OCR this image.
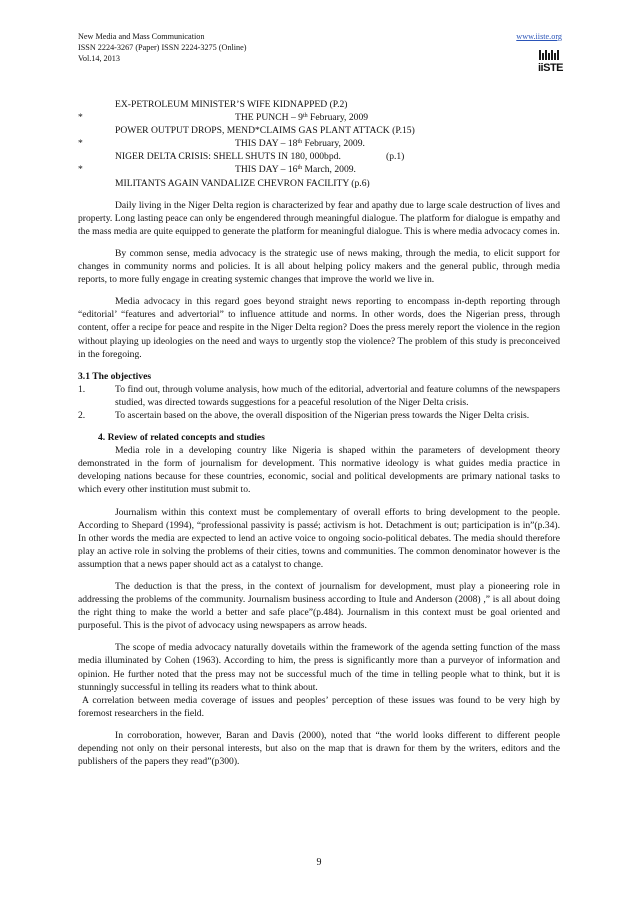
New Media and Mass Communication
ISSN 2224-3267 (Paper) ISSN 2224-3275 (Online)
Vol.14, 2013
www.iiste.org
iiSTE
EX-PETROLEUM MINISTER’S WIFE KIDNAPPED (P.2)
*	THE PUNCH – 9th February, 2009
POWER OUTPUT DROPS, MEND*CLAIMS GAS PLANT ATTACK (P.15)
*	THIS DAY – 18th February, 2009.
NIGER DELTA CRISIS: SHELL SHUTS IN 180, 000bpd.	(p.1)
*	THIS DAY – 16th March, 2009.
MILITANTS AGAIN VANDALIZE CHEVRON FACILITY (p.6)

Daily living in the Niger Delta region is characterized by fear and apathy due to large scale destruction of lives and property. Long lasting peace can only be engendered through meaningful dialogue. The platform for dialogue is empathy and the mass media are quite equipped to generate the platform for meaningful dialogue. This is where media advocacy comes in.

By common sense, media advocacy is the strategic use of news making, through the media, to elicit support for changes in community norms and policies. It is all about helping policy makers and the general public, through media reports, to more fully engage in creating systemic changes that improve the world we live in.

Media advocacy in this regard goes beyond straight news reporting to encompass in-depth reporting through “editorial’ “features and advertorial” to influence attitude and norms. In other words, does the Nigerian press, through content, offer a recipe for peace and respite in the Niger Delta region? Does the press merely report the violence in the region without playing up ideologies on the need and ways to urgently stop the violence? The problem of this study is preconceived in the foregoing.

3.1 The objectives
1.	To find out, through volume analysis, how much of the editorial, advertorial and feature columns of the newspapers studied, was directed towards suggestions for a peaceful resolution of the Niger Delta crisis.
2.	To ascertain based on the above, the overall disposition of the Nigerian press towards the Niger Delta crisis.
4. Review of related concepts and studies

Media role in a developing country like Nigeria is shaped within the parameters of development theory demonstrated in the form of journalism for development. This normative ideology is what guides media practice in developing nations because for these countries, economic, social and political developments are primary national tasks to which every other institution must submit to.

Journalism within this context must be complementary of overall efforts to bring development to the people. According to Shepard (1994), “professional passivity is passé; activism is hot. Detachment is out; participation is in”(p.34). In other words the media are expected to lend an active voice to ongoing socio-political debates. The media should therefore play an active role in solving the problems of their cities, towns and communities. The common denominator however is the assumption that a news paper should act as a catalyst to change.

The deduction is that the press, in the context of journalism for development, must play a pioneering role in addressing the problems of the community. Journalism business according to Itule and Anderson (2008) ,” is all about doing the right thing to make the world a better and safe place”(p.484). Journalism in this context must be goal oriented and purposeful. This is the pivot of advocacy using newspapers as arrow heads.

The scope of media advocacy naturally dovetails within the framework of the agenda setting function of the mass media illuminated by Cohen (1963). According to him, the press is significantly more than a purveyor of information and opinion. He further noted that the press may not be successful much of the time in telling people what to think, but it is stunningly successful in telling its readers what to think about.

A correlation between media coverage of issues and peoples’ perception of these issues was found to be very high by foremost researchers in the field.

In corroboration, however, Baran and Davis (2000), noted that “the world looks different to different people depending not only on their personal interests, but also on the map that is drawn for them by the writers, editors and the publishers of the papers they read”(p300).

9
